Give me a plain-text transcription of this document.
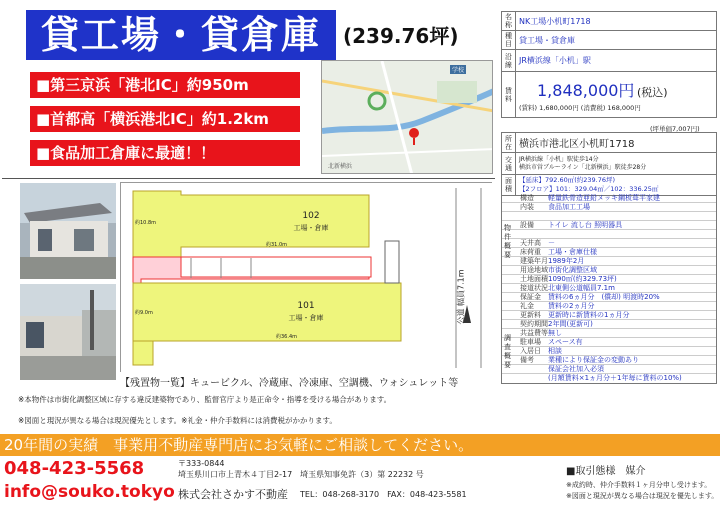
貸工場・貸倉庫	(239.76坪)
■第三京浜「港北IC」約950m
■首都高「横浜港北IC」約1.2km
■食品加工倉庫に最適！！
北新横浜
学校
102
工場・倉庫
101
工場・倉庫
約10.8m
約31.0m
約9.0m
約36.4m
公道 幅員7.1m
【残置物一覧】キュービクル、冷蔵庫、冷凍庫、空調機、ウォシュレット等
※本物件は市街化調整区域に存する違反建築物であり、監督官庁より是正命令・指導を受ける場合があります。
※図面と現況が異なる場合は現況優先とします。※礼金・仲介手数料には消費税がかかります。
名称	NK工場小机町1718
種目	貸工場・貸倉庫
沿線	JR横浜線「小机」駅
賃料	1,848,000円 (税込)
(賃料) 1,680,000円 (消費税) 168,000円
(坪単価7,007円)
所在	横浜市港北区小机町1718
交通	JR横浜線「小机」駅徒歩14分
横浜市営ブルーライン「北新横浜」駅徒歩28分

面積	【延床】792.60㎡(約239.76坪)
【2フロア】101：329.04㎡／102：336.25㎡
物件概要
調査概要
構造	軽量鉄骨造亜鉛メッキ鋼板葺平家建
内装	食品加工工場
設備	トイレ 流し台 照明器具
天井高	－
床荷重	工場・倉庫仕様
建築年月 1989年2月
用途地域 市街化調整区域
土地面積 1090㎡(約329.73坪)
接道状況 北東側公道幅員7.1m
保証金	賃料の6ヵ月分　(償却) 明渡時20%
礼金	賃料の2ヵ月分
更新料	更新時に新賃料の1ヵ月分
契約期間 2年間(更新可)
共益費等 無し
駐車場	スペース有
入居日	相談
備考	業種により保証金の変動あり
保証会社加入必須
(月額賃料×1ヵ月分＋1年毎に賃料の10%)
20年間の実績　事業用不動産専門店にお気軽にご相談してください。
048-423-5568
info@souko.tokyo
〒333-0844
埼玉県川口市上青木４丁目2-17　埼玉県知事免許（3）第 22232 号
株式会社さかす不動産 TEL：048-268-3170　FAX：048-423-5581
■取引態様　媒介
※成約時、仲介手数料１ヶ月分申し受けます。
※図面と現況が異なる場合は現況を優先します。
